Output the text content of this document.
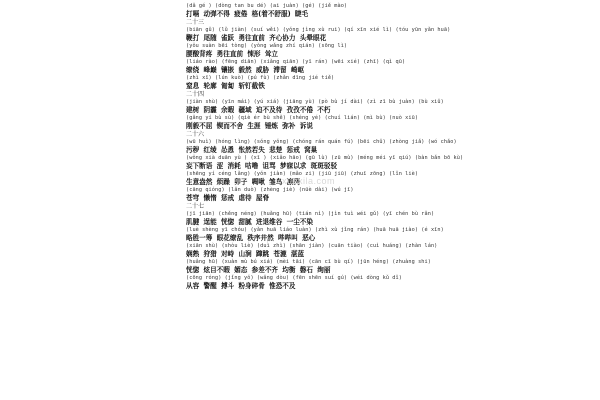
(dǎ gé ) (dòng tan bu dé) (ai juàn) (gé) (jiě mào)
打嗝 动弹不得 疲倦 格(着不舒服) 睫毛
二十三
(biān gǔ) (lǔ jiàn) (suí wěi) (yǒng jìng xù rui) (qí xīn xié lì) (tóu yūn yǎn huā)
鞭打 尾随 雀跃 勇往直前 齐心协力 头晕眼花
(yǒu suàn bēi tòng) (yǒng wǎng zhí qián) (sōng lì)
腰酸背疼 勇往直前 悚形 耸立
(liáo rào) (fēng diān) (xiǎng qiān) (yī rán) (wēi xié) (zhī) (qì qū)
缭绕 峰巅 镶嵌 毅然 威胁 滞留 崎岖
(zhì xī) (lún kuò) (pú fù) (zhǎn dīng jié tiě)
窒息 轮廓 匍匐 斩钉截铁
二十四
(jiàn shù) (yīn mái) (yú xiá) (jiāng yù) (pò bù jí dài) (zì zī bù juàn) (bù xiǔ)
建树 阴霾 余暇 疆域 迫不及待 孜孜不倦 不朽
(gǎng yí bù sù) (qiè ér bù shě) (shéng yé) (chuí lián) (mì bù) (nuò xiū)
刚毅不屈 锲而不舍 生涯 锤炼 弥补 诉说
二十六
(wū huì) (hóng lìng) (sǒng yǒng) (chóng rán quán fú) (bēi chǔ) (zhòng jiǎ) (wó chǎo)
污秽 红绫 怂恿 怅然若失 悲楚 惩戒 窝巢
(wǒng xià duān yù ) (xī ) (xiǎo hāo) (gū lù) (zū mù) (méng méi yī qiú) (bàn bǎn bō kù)
妄下断语 涩 消耗 咕噜 诅骂 梦寐以求 斑斑驳驳
(shēng yí céng lǎng) (yǒn jiàn) (mǎo zi) (jiū jiū) (zhuī zōng) (lǐn liè)
生意盎然 烦躁 卯子 啁啾 雏鸟 凛冽
(cāng qióng) (lǎn duò) (zhèng jiè) (nüè dài) (wú jī)
苍穹 懒惰 惩戒 虐待 屋脊
二十七
(jī jiān) (chěng néng) (huǎng hū) (tián nì) (jìn tuì wéi gǔ) (yī chén bù rǎn)
肌腱 逞能 恍惚 甜腻 进退维谷 一尘不染
(luè shèng yī chóu) (yǎn huā liáo luàn) (zhì xù jǐng rán) (huā huā jiào) (é xīn)
略胜一筹 眼花缭乱 秩序井然 哔哔叫 恶心
(xiān shù) (shòu liè) (duì zhì) (shān jiàn) (cuān tiào) (cuì huáng) (zhàn lán)
娴熟 狩猎 对峙 山涧 蹿跳 苍漉 湛蓝
(huǎng hū) (xuàn mù bú xiá) (mèi tāi) (cān cī bù qí) (jūn héng) (zhuàng shi)
恍惚 炫目不暇 媚态 参差不齐 均衡 磐石 绚丽
(cōng róng) (jǐng yǒ) (wǎng dòu) (fēn shēn suí gú) (wéi dòng kǔ dǐ)
从容 警醒 搏斗 粉身碎骨 惟恐不及
xuexila.com
